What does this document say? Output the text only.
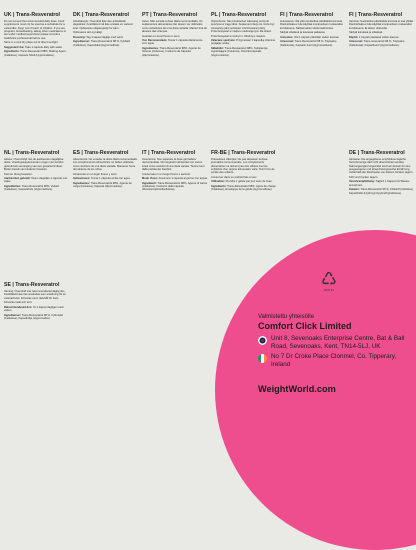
UK | Trans-Resveratrol

Do not exceed the recommended daily dose. Food supplements must not be used as a substitute for a varied diet. Keep out of reach of children. If you are pregnant, breastfeeding, taking other medications or are under medical supervision please consult a healthcare professional before use.

Store in a cool dry place out of direct sunlight.

Suggested Use: Take 1 capsule daily with water.

Ingredients: Trans-Resveratrol 98%, Bulking Agent (Cellulose), Capsule Shell (Hypromellose).

DK | Trans-Resveratrol

Anbefalinger: Overskrid ikke den anbefalede dagsdosis. Kosttilskud må ikke erstatte en varieret kost. Opbevares utilgængeligt for børn.

Opbevares tørt og køligt.

Dosering: Tag 1 kapsel dagligt med vand.

Ingredienser: Trans-Resveratrol 98 %, Fyldstof (Cellulose), Kapselskal (Hypromellose).

PT | Trans-Resveratrol

Aviso: Não exceda a dose diária recomendada. Os suplementos alimentares não devem ser utilizados como substitutos de uma dieta variada. Manter fora do alcance das crianças.

Guardar em local fresco e seco.

Uso Recomendado: Tomar 1 cápsula diariamente com água.

Ingredientes: Trans-Resveratrol 98%, Agente de Volume (Celulose), Invólucro da Cápsula (Hipromelose).

PL | Trans-Resveratrol

Ostrzeżenie: Nie przekraczać zalecanej porcji do spożycia w ciągu dnia. Suplement diety nie może być stosowany jako substytut zróżnicowanej diety. Przechowywać w miejscu niedostępnym dla dzieci.

Przechowywać w suchym i chłodnym miejscu.

Zalecane spożycie: Przyjmować 1 kapsułkę dziennie popijając wodą.

Składniki: Trans-Resweratrol 98%, Substancja wypełniająca (Celuloza), Otoczka kapsułki (Hypromeloza).

FI | Trans-Resveratrol

Huomautus: Älä ylitä suositeltua päivittäistä annosta. Ravintolisää ei tule käyttää monipuolisen ruokavalion korvikkeena. Säilytä lasten ulottumattomissa.

Säilytä viileässä ja kuivassa paikassa.

Annostus: Ota 1 kapseli päivittäin veden kanssa.

Ainesosat: Trans-Resveratroli 98 %, Täyteaine (Selluloosa), Kapselin kuori (Hypromelloosi).

FI | Trans-Resveratrol

Varoitus: Suositeltua päivittäistä annosta ei saa ylittää. Ravintolisää ei tule käyttää monipuolisen ruokavalion korvikkeena. Ei lasten ulottuville.

Säilytä kuivassa ja viileässä.

Käyttö: 1 kapseli päivässä veden kanssa.

Ainesosat: Trans-resveratroli 98 %, Täyteaine (Selluloosa), Kapselikuori (Hypromelloosi).

NL | Trans-Resveratrol

Advies: Overschrijd niet de aanbevolen dagelijkse dosis. Voedingssupplementen mogen niet worden gebruikt als vervanging van een gevarieerd dieet. Buiten bereik van kinderen bewaren.

Koel en droog bewaren.

Aanbevolen gebruik: Neem dagelijks 1 capsule met water.

Ingrediënten: Trans-Resveratrol 98%, Vulstof (Cellulose), Capsulehuls (Hypromellose).

ES | Trans-Resveratrol

Advertencia: No exceder la dosis diaria recomendada. Los complementos alimenticios no deben utilizarse como sustituto de una dieta variada. Mantener fuera del alcance de los niños.

Almacenar en un lugar fresco y seco.

Indicaciones: Tomar 1 cápsula al día con agua.

Ingredientes: Trans-Resveratrol 98%, Agente de carga (Celulosa), Cápsula (Hipromelosa).

IT | Trans-Resveratrol

Avvertenze: Non superare la dose giornaliera raccomandata. Gli integratori alimentari non vanno intesi come sostituti di una dieta variata. Tenere fuori dalla portata dei bambini.

Conservare in un luogo fresco e asciutto.

Modo d'uso: Assumere 1 capsula al giorno con acqua.

Ingredienti: Trans-Resveratrolo 98%, Agente di carica (Cellulosa), Involucro della capsula (Idrossipropilmetilcellulosa).

FR-BE | Trans-Resveratrol

Précautions d'Emploi: Ne pas dépasser la dose journalière recommandée. Les compléments alimentaires ne doivent pas être utilisés comme substituts d'un régime alimentaire varié. Tenir hors de portée des enfants.

Conserver dans un endroit frais et sec.

Utilisation: Prendre 1 gélule par jour avec de l'eau.

Ingrédients: Trans-Resvératrol 98%, Agent de charge (Cellulose), Enveloppe de la gélule (Hypromellose).

DE | Trans-Resveratrol

Hinweise: Die angegebene empfohlene tägliche Verzehrmenge darf nicht überschritten werden. Nahrungsergänzungsmittel sind kein Ersatz für eine ausgewogene und abwechslungsreiche Ernährung. Außerhalb der Reichweite von kleinen Kindern lagern.

Kühl und trocken lagern.

Verzehrempfehlung: Täglich 1 Kapsel mit Wasser einnehmen.

Zutaten: Trans-Resveratrol 98 %, Füllstoff (Cellulose), Kapselhülle (Hydroxypropylmethylcellulose).

SE | Trans-Resveratrol

Varning: Överskrid inte rekommenderad daglig dos. Kosttillskott ska inte användas som ersättning för en varierad kost. Förvaras utom räckhåll för barn.

Förvaras svalt och torrt.

Rekommenderad dos: Ta 1 kapsel dagligen med vatten.

Ingredienser: Trans-Resveratrol 98 %, Fyllmedel (Cellulosa), Kapselhölje (Hypromellos).

♺
PAP 21
Valmistettu yhteisölle
Comfort Click Limited
Unit 8, Sevenoaks Enterprise Centre, Bat & Ball Road, Sevenoaks, Kent, TN14-5LJ, UK
No 7 Dr Croke Place Clonmel, Co. Tipperary, Ireland
WeightWorld.com
